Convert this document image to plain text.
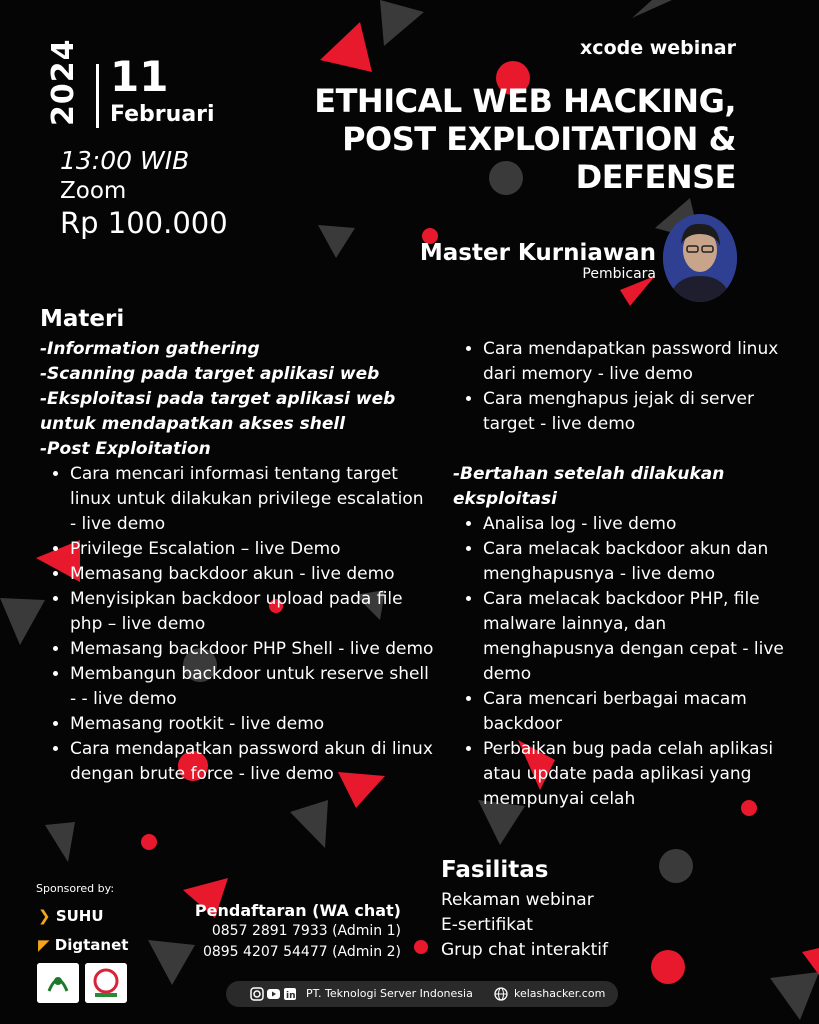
2024 11
Februari
13:00 WIB
Zoom
Rp 100.000
xcode webinar
ETHICAL WEB HACKING,
POST EXPLOITATION &
DEFENSE
Master Kurniawan
Pembicara
Materi
-Information gathering
-Scanning pada target aplikasi web
-Eksploitasi pada target aplikasi web untuk mendapatkan akses shell
-Post Exploitation
• Cara mencari informasi tentang target linux untuk dilakukan privilege escalation - live demo
• Privilege Escalation – live Demo
• Memasang backdoor akun - live demo
• Menyisipkan backdoor upload pada file php – live demo
• Memasang backdoor PHP Shell - live demo
• Membangun backdoor untuk reserve shell - - live demo
• Memasang rootkit - live demo
• Cara mendapatkan password akun di linux dengan brute force - live demo
• Cara mendapatkan password linux dari memory - live demo
• Cara menghapus jejak di server target - live demo
-Bertahan setelah dilakukan eksploitasi
• Analisa log - live demo
• Cara melacak backdoor akun dan menghapusnya - live demo
• Cara melacak backdoor PHP, file malware lainnya, dan menghapusnya dengan cepat - live demo
• Cara mencari berbagai macam backdoor
• Perbaikan bug pada celah aplikasi atau update pada aplikasi yang mempunyai celah
Fasilitas
Rekaman webinar
E-sertifikat
Grup chat interaktif
Pendaftaran (WA chat)
0857 2891 7933 (Admin 1)
0895 4207 54477 (Admin 2)
Sponsored by:
❯ SUHU
◤ Digtanet
in PT. Teknologi Server Indonesia	kelashacker.com
